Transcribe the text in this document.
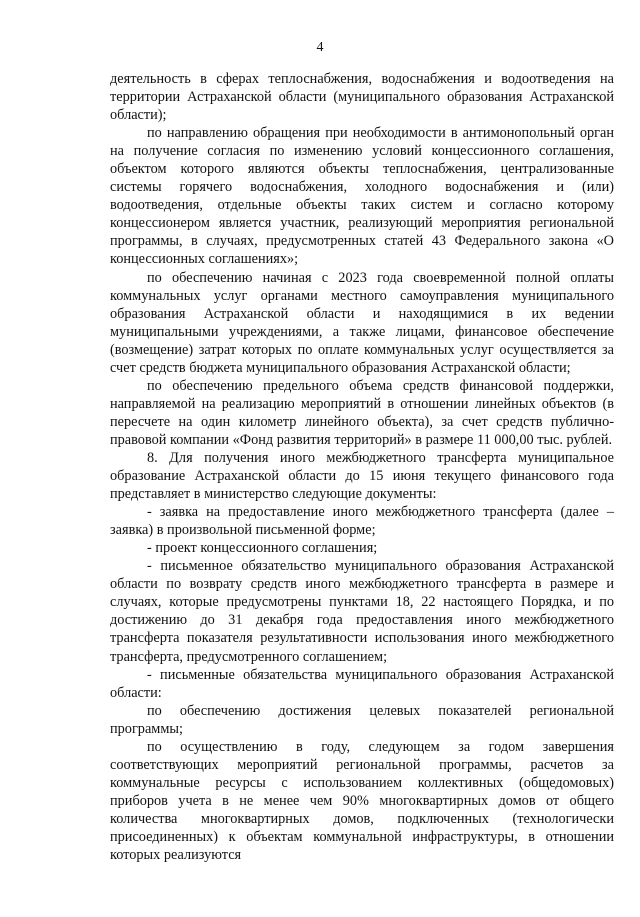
4

деятельность в сферах теплоснабжения, водоснабжения и водоотведения на территории Астраханской области (муниципального образования Астраханской области);

по направлению обращения при необходимости в антимонопольный орган на получение согласия по изменению условий концессионного соглашения, объектом которого являются объекты теплоснабжения, централизованные системы горячего водоснабжения, холодного водоснабжения и (или) водоотведения, отдельные объекты таких систем и согласно которому концессионером является участник, реализующий мероприятия региональной программы, в случаях, предусмотренных статей 43 Федерального закона «О концессионных соглашениях»;

по обеспечению начиная с 2023 года своевременной полной оплаты коммунальных услуг органами местного самоуправления муниципального образования Астраханской области и находящимися в их ведении муниципальными учреждениями, а также лицами, финансовое обеспечение (возмещение) затрат которых по оплате коммунальных услуг осуществляется за счет средств бюджета муниципального образования Астраханской области;

по обеспечению предельного объема средств финансовой поддержки, направляемой на реализацию мероприятий в отношении линейных объектов (в пересчете на один километр линейного объекта), за счет средств публично-правовой компании «Фонд развития территорий» в размере 11 000,00 тыс. рублей.

8. Для получения иного межбюджетного трансферта муниципальное образование Астраханской области до 15 июня текущего финансового года представляет в министерство следующие документы:

- заявка на предоставление иного межбюджетного трансферта (далее – заявка) в произвольной письменной форме;

- проект концессионного соглашения;

- письменное обязательство муниципального образования Астраханской области по возврату средств иного межбюджетного трансферта в размере и случаях, которые предусмотрены пунктами 18, 22 настоящего Порядка, и по достижению до 31 декабря года предоставления иного межбюджетного трансферта показателя результативности использования иного межбюджетного трансферта, предусмотренного соглашением;

- письменные обязательства муниципального образования Астраханской области:

по обеспечению достижения целевых показателей региональной программы;

по осуществлению в году, следующем за годом завершения соответствующих мероприятий региональной программы, расчетов за коммунальные ресурсы с использованием коллективных (общедомовых) приборов учета в не менее чем 90% многоквартирных домов от общего количества многоквартирных домов, подключенных (технологически присоединенных) к объектам коммунальной инфраструктуры, в отношении которых реализуются
